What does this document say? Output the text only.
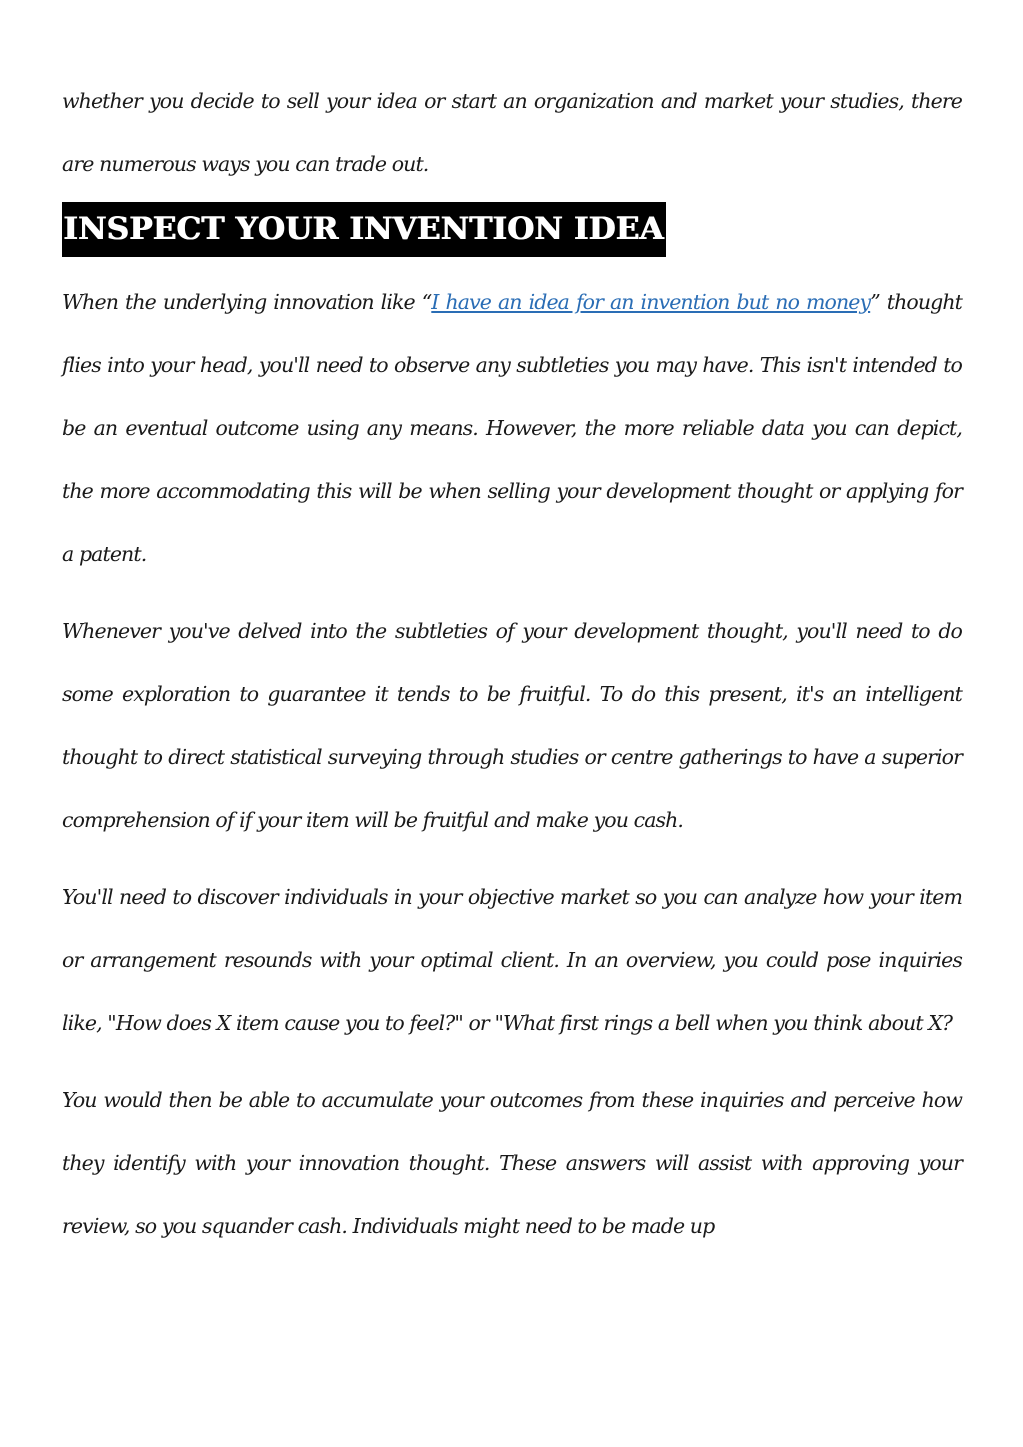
whether you decide to sell your idea or start an organization and market your studies, there are numerous ways you can trade out.

INSPECT YOUR INVENTION IDEA

When the underlying innovation like “I have an idea for an invention but no money” thought flies into your head, you'll need to observe any subtleties you may have. This isn't intended to be an eventual outcome using any means. However, the more reliable data you can depict, the more accommodating this will be when selling your development thought or applying for a patent.

Whenever you've delved into the subtleties of your development thought, you'll need to do some exploration to guarantee it tends to be fruitful. To do this present, it's an intelligent thought to direct statistical surveying through studies or centre gatherings to have a superior comprehension of if your item will be fruitful and make you cash.

You'll need to discover individuals in your objective market so you can analyze how your item or arrangement resounds with your optimal client. In an overview, you could pose inquiries like, "How does X item cause you to feel?" or "What first rings a bell when you think about X?

You would then be able to accumulate your outcomes from these inquiries and perceive how they identify with your innovation thought. These answers will assist with approving your review, so you squander cash. Individuals might need to be made up
